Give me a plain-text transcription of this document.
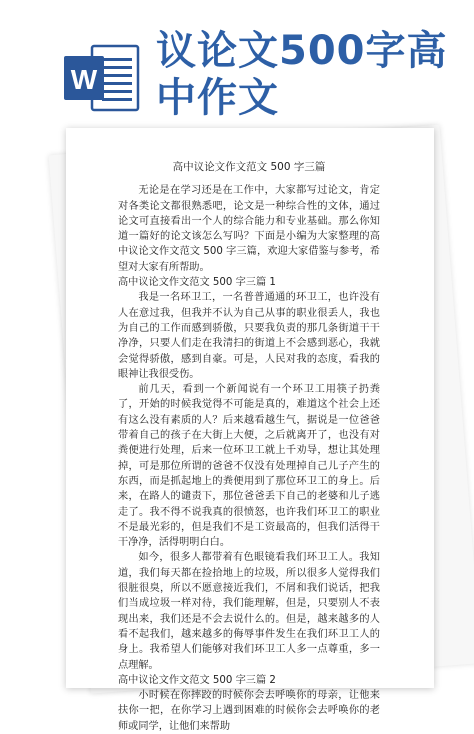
W
议论文500字高中作文
高中议论文作文范文 500 字三篇

无论是在学习还是在工作中，大家都写过论文，肯定对各类论文都很熟悉吧，论文是一种综合性的文体，通过论文可直接看出一个人的综合能力和专业基础。那么你知道一篇好的论文该怎么写吗？下面是小编为大家整理的高中议论文作文范文 500 字三篇，欢迎大家借鉴与参考，希望对大家有所帮助。

高中议论文作文范文 500 字三篇 1

我是一名环卫工，一名普普通通的环卫工，也许没有人在意过我，但我并不认为自己从事的职业很丢人，我也为自己的工作而感到骄傲，只要我负责的那几条街道干干净净，只要人们走在我清扫的街道上不会感到恶心，我就会觉得骄傲，感到自豪。可是，人民对我的态度，看我的眼神让我很受伤。

前几天，看到一个新闻说有一个环卫工用筷子扔粪了，开始的时候我觉得不可能是真的，难道这个社会上还有这么没有素质的人？后来越看越生气，据说是一位爸爸带着自己的孩子在大街上大便，之后就离开了，也没有对粪便进行处理，后来一位环卫工就上千劝导，想让其处理掉，可是那位所谓的爸爸不仅没有处理掉自己儿子产生的东西，而是抓起地上的粪便用到了那位环卫工的身上。后来，在路人的谴责下，那位爸爸丢下自己的老婆和儿子逃走了。我不得不说我真的很愤怒，也许我们环卫工的职业不是最光彩的，但是我们不是工资最高的，但我们活得干干净净，活得明明白白。

如今，很多人都带着有色眼镜看我们环卫工人。我知道，我们每天都在捡拾地上的垃圾，所以很多人觉得我们很脏很臭，所以不愿意接近我们，不屑和我们说话，把我们当成垃圾一样对待，我们能理解，但是，只要别人不表现出来，我们还是不会去说什么的。但是，越来越多的人看不起我们，越来越多的侮辱事件发生在我们环卫工人的身上。我希望人们能够对我们环卫工人多一点尊重，多一点理解。

高中议论文作文范文 500 字三篇 2

小时候在你摔跤的时候你会去呼唤你的母亲，让他来扶你一把，在你学习上遇到困难的时候你会去呼唤你的老师或同学，让他们来帮助
